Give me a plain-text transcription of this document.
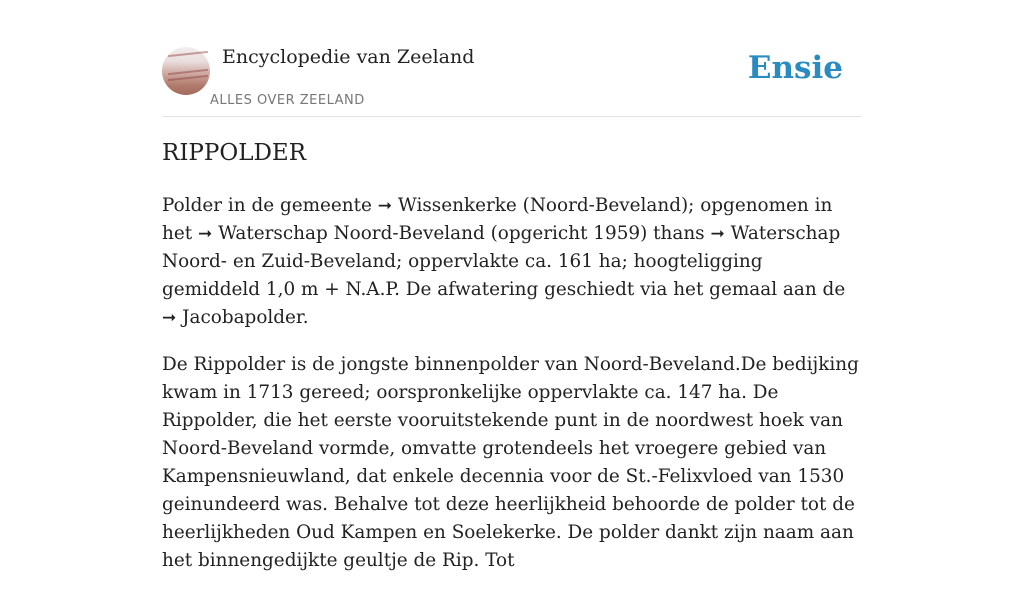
Encyclopedie van Zeeland
ALLES OVER ZEELAND
Ensie
RIPPOLDER

Polder in de gemeente ➞ Wissenkerke (Noord-Beveland); opgenomen in het ➞ Waterschap Noord-Beveland (opgericht 1959) thans ➞ Waterschap Noord- en Zuid-Beveland; oppervlakte ca. 161 ha; hoogteligging gemiddeld 1,0 m + N.A.P. De afwatering geschiedt via het gemaal aan de ➞ Jacobapolder.

De Rippolder is de jongste binnenpolder van Noord-Beveland.De bedijking kwam in 1713 gereed; oorspronkelijke oppervlakte ca. 147 ha. De Rippolder, die het eerste vooruitstekende punt in de noordwest hoek van Noord-Beveland vormde, omvatte grotendeels het vroegere gebied van Kampensnieuwland, dat enkele decennia voor de St.-Felixvloed van 1530 geinundeerd was. Behalve tot deze heerlijkheid behoorde de polder tot de heerlijkheden Oud Kampen en Soelekerke. De polder dankt zijn naam aan het binnengedijkte geultje de Rip. Tot
